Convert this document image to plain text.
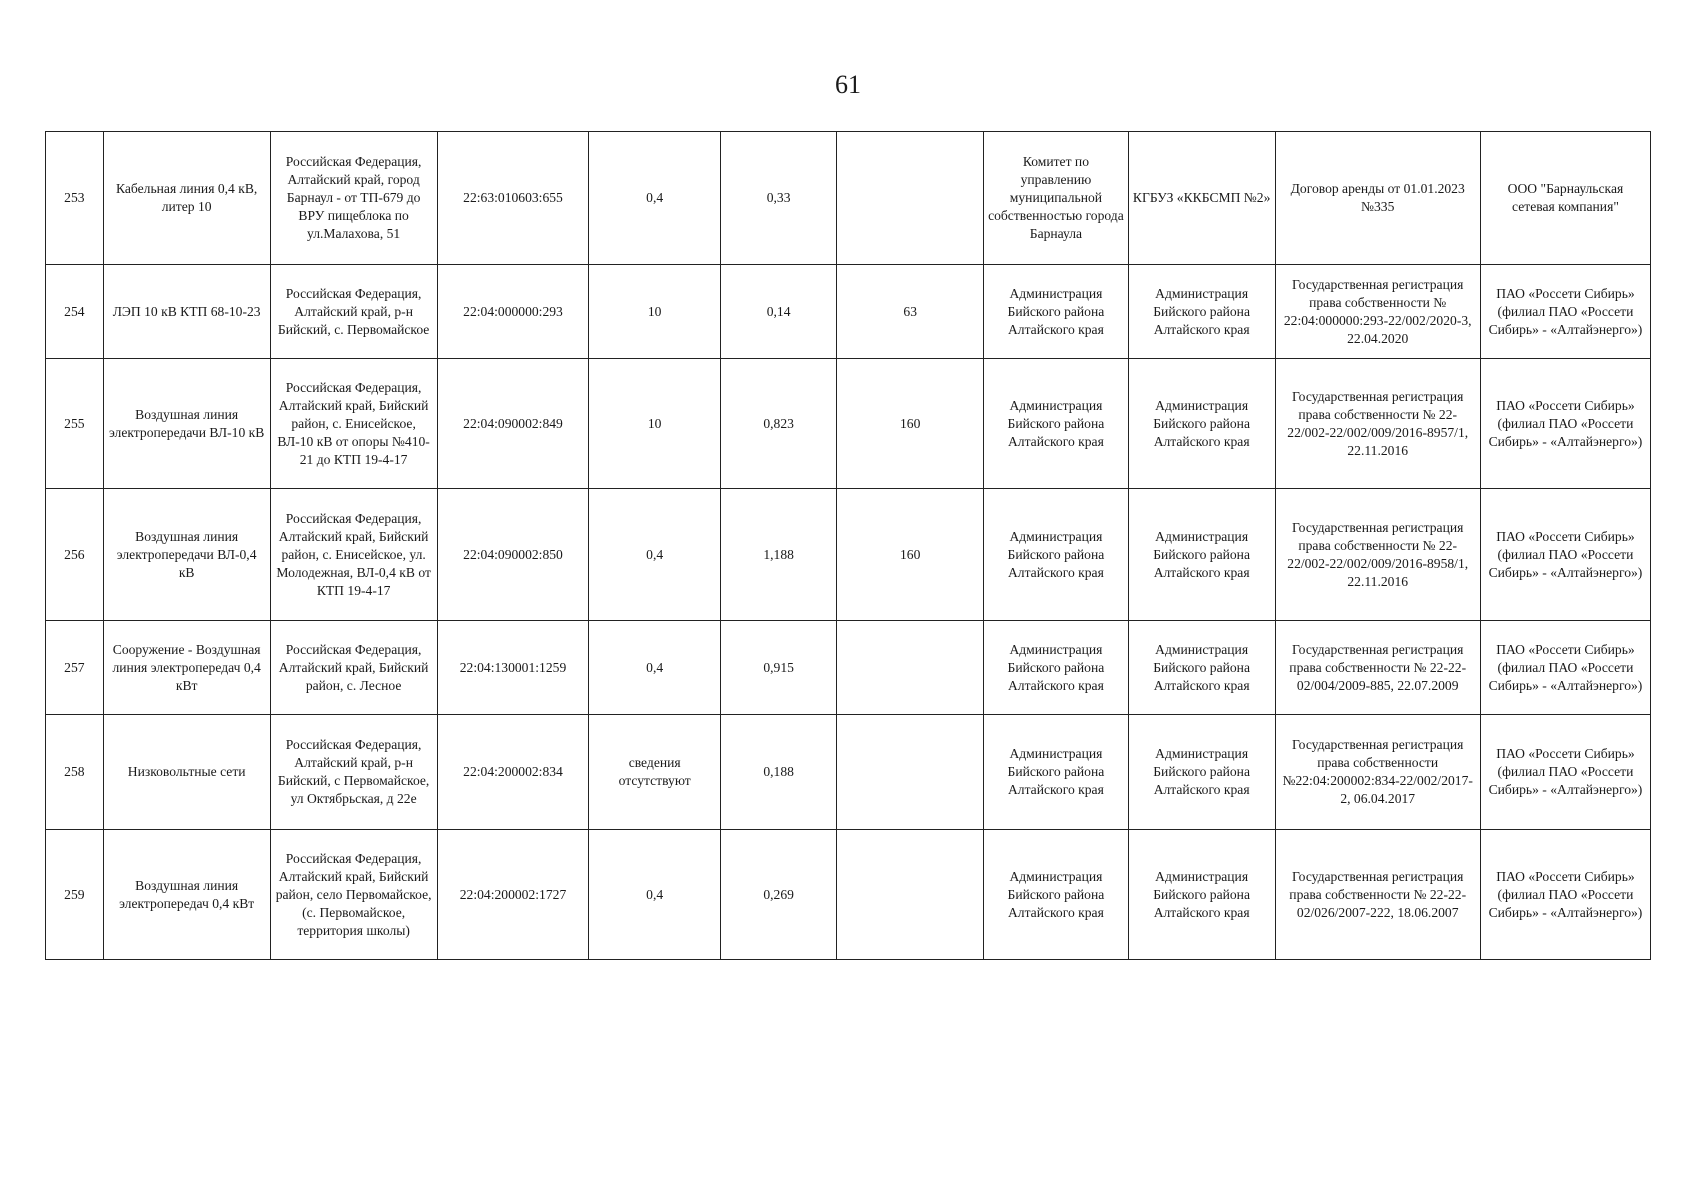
61
253	Кабельная линия 0,4 кВ, литер 10	Российская Федерация, Алтайский край, город Барнаул - от ТП-679 до ВРУ пищеблока по ул.Малахова, 51	22:63:010603:655	0,4	0,33		Комитет по управлению муниципальной собственностью города Барнаула	КГБУЗ «ККБСМП №2»	Договор аренды от 01.01.2023 №335	ООО "Барнаульская сетевая компания"
254	ЛЭП 10 кВ КТП 68-10-23	Российская Федерация, Алтайский край, р-н Бийский, с. Первомайское	22:04:000000:293	10	0,14	63	Администрация Бийского района Алтайского края	Администрация Бийского района Алтайского края	Государственная регистрация права собственности № 22:04:000000:293-22/002/2020-3, 22.04.2020	ПАО «Россети Сибирь» (филиал ПАО «Россети Сибирь» - «Алтайэнерго»)
255	Воздушная линия электропередачи ВЛ-10 кВ	Российская Федерация, Алтайский край, Бийский район, с. Енисейское, ВЛ-10 кВ от опоры №410-21 до КТП 19-4-17	22:04:090002:849	10	0,823	160	Администрация Бийского района Алтайского края	Администрация Бийского района Алтайского края	Государственная регистрация права собственности № 22-22/002-22/002/009/2016-8957/1, 22.11.2016	ПАО «Россети Сибирь» (филиал ПАО «Россети Сибирь» - «Алтайэнерго»)
256	Воздушная линия электропередачи ВЛ-0,4 кВ	Российская Федерация, Алтайский край, Бийский район, с. Енисейское, ул. Молодежная, ВЛ-0,4 кВ от КТП 19-4-17	22:04:090002:850	0,4	1,188	160	Администрация Бийского района Алтайского края	Администрация Бийского района Алтайского края	Государственная регистрация права собственности № 22-22/002-22/002/009/2016-8958/1, 22.11.2016	ПАО «Россети Сибирь» (филиал ПАО «Россети Сибирь» - «Алтайэнерго»)
257	Сооружение - Воздушная линия электропередач 0,4 кВт	Российская Федерация, Алтайский край, Бийский район, с. Лесное	22:04:130001:1259	0,4	0,915		Администрация Бийского района Алтайского края	Администрация Бийского района Алтайского края	Государственная регистрация права собственности № 22-22-02/004/2009-885, 22.07.2009	ПАО «Россети Сибирь» (филиал ПАО «Россети Сибирь» - «Алтайэнерго»)
258	Низковольтные сети	Российская Федерация, Алтайский край, р-н Бийский, с Первомайское, ул Октябрьская, д 22е	22:04:200002:834	сведения отсутствуют	0,188		Администрация Бийского района Алтайского края	Администрация Бийского района Алтайского края	Государственная регистрация права собственности №22:04:200002:834-22/002/2017-2, 06.04.2017	ПАО «Россети Сибирь» (филиал ПАО «Россети Сибирь» - «Алтайэнерго»)
259	Воздушная линия электропередач 0,4 кВт	Российская Федерация, Алтайский край, Бийский район, село Первомайское, (с. Первомайское, территория школы)	22:04:200002:1727	0,4	0,269		Администрация Бийского района Алтайского края	Администрация Бийского района Алтайского края	Государственная регистрация права собственности № 22-22-02/026/2007-222, 18.06.2007	ПАО «Россети Сибирь» (филиал ПАО «Россети Сибирь» - «Алтайэнерго»)
